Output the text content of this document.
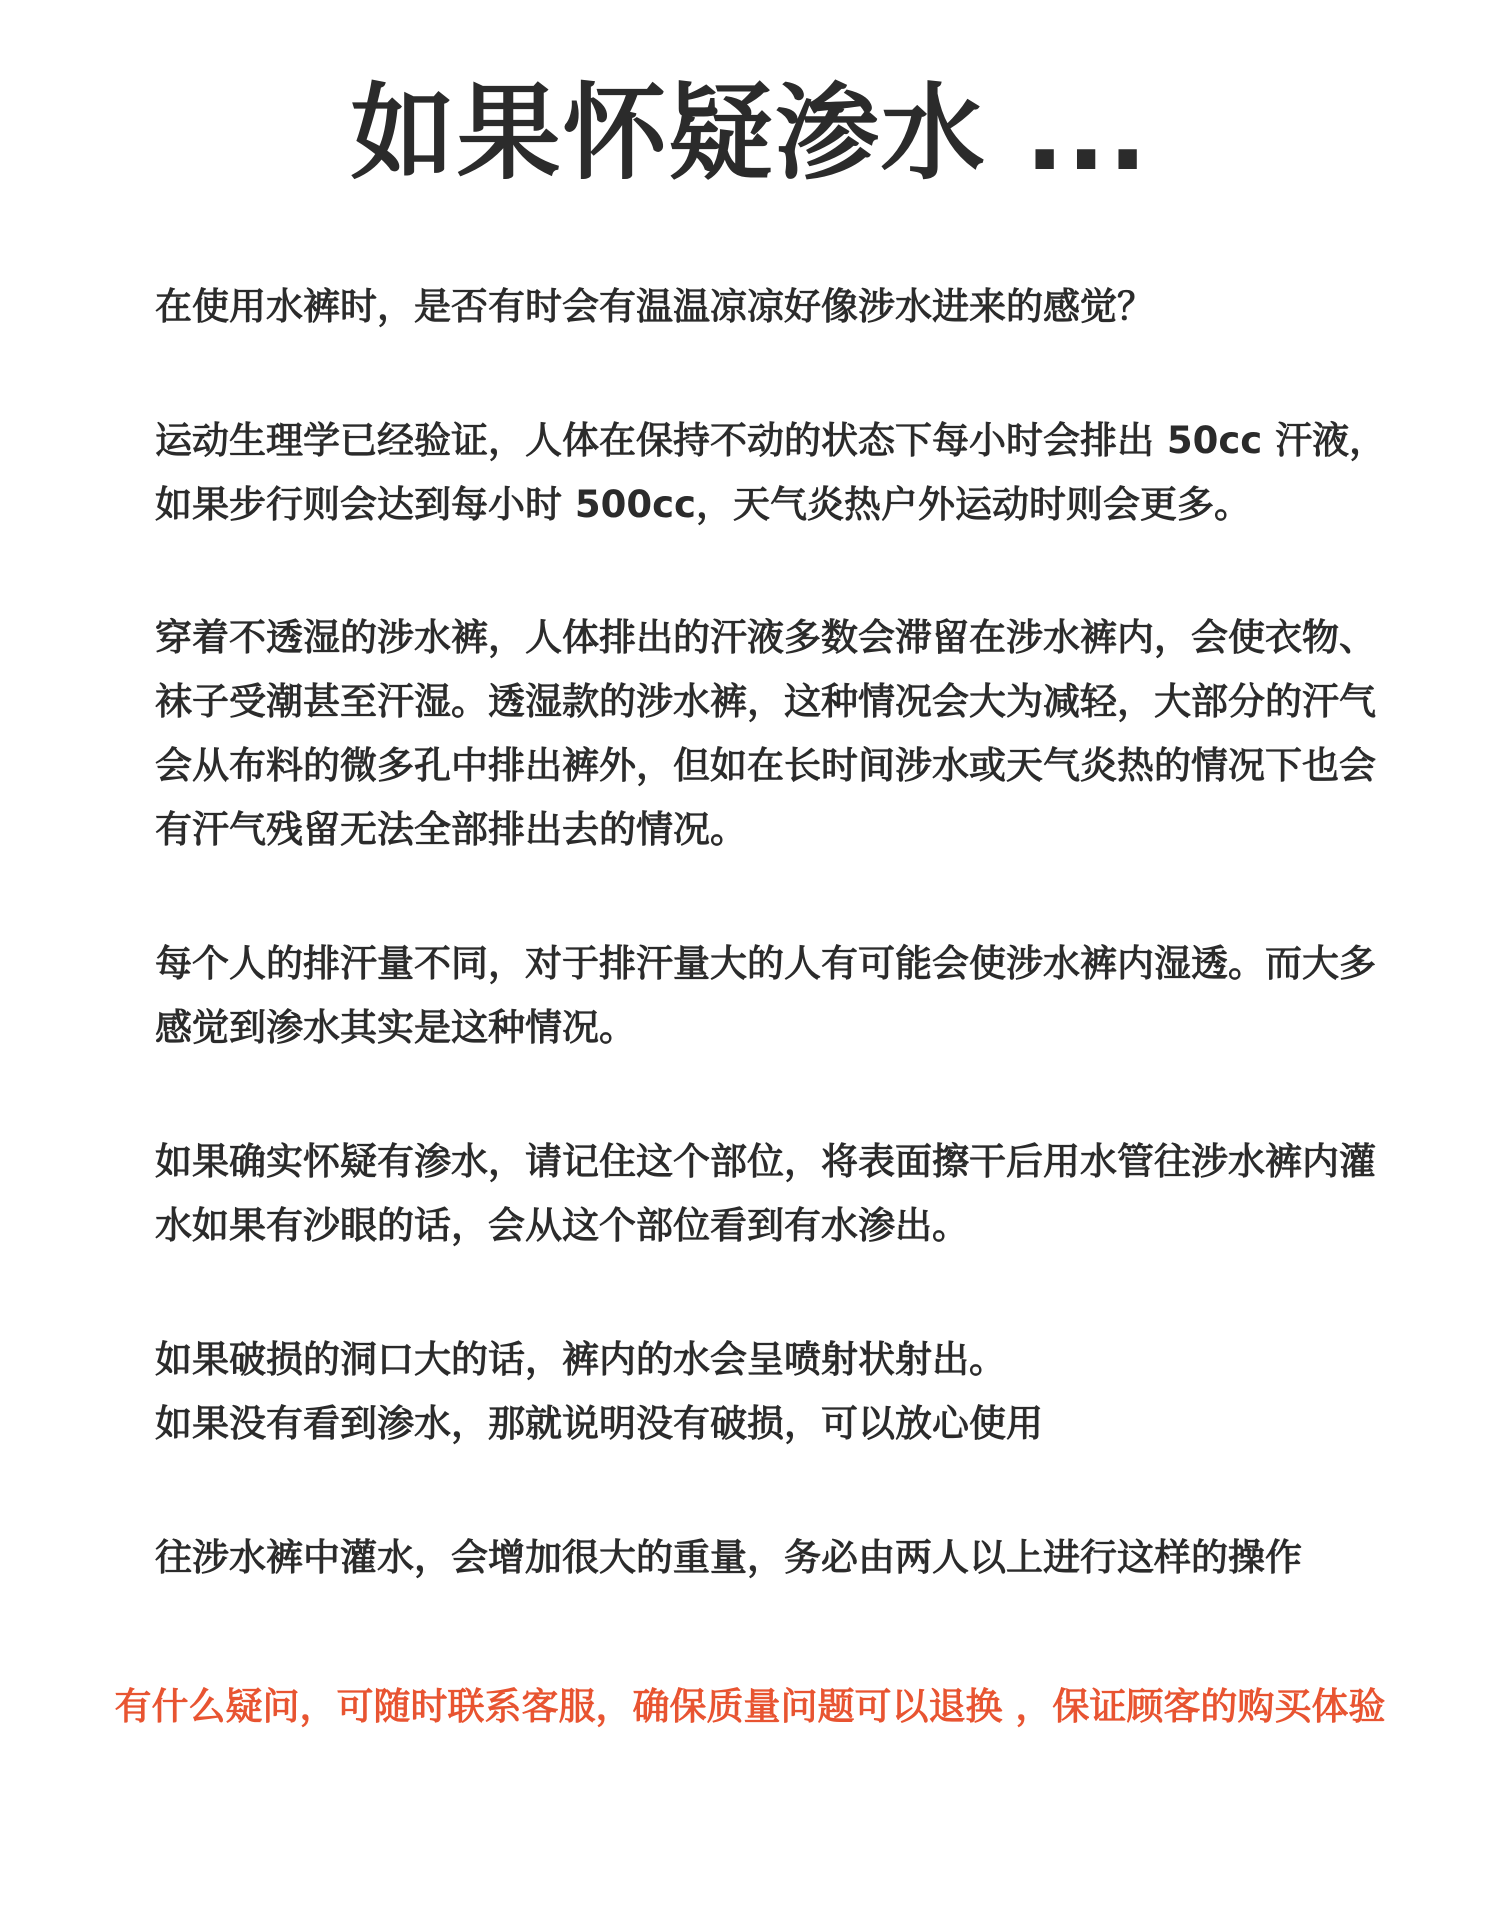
如果怀疑渗水 ...

在使用水裤时，是否有时会有温温凉凉好像涉水进来的感觉？

运动生理学已经验证，人体在保持不动的状态下每小时会排出 50cc 汗液，
如果步行则会达到每小时 500cc，天气炎热户外运动时则会更多。

穿着不透湿的涉水裤，人体排出的汗液多数会滞留在涉水裤内，会使衣物、
袜子受潮甚至汗湿。透湿款的涉水裤，这种情况会大为减轻，大部分的汗气
会从布料的微多孔中排出裤外，但如在长时间涉水或天气炎热的情况下也会
有汗气残留无法全部排出去的情况。

每个人的排汗量不同，对于排汗量大的人有可能会使涉水裤内湿透。而大多
感觉到渗水其实是这种情况。

如果确实怀疑有渗水，请记住这个部位，将表面擦干后用水管往涉水裤内灌
水如果有沙眼的话，会从这个部位看到有水渗出。

如果破损的洞口大的话，裤内的水会呈喷射状射出。
如果没有看到渗水，那就说明没有破损，可以放心使用

往涉水裤中灌水，会增加很大的重量，务必由两人以上进行这样的操作

有什么疑问，可随时联系客服，确保质量问题可以退换 ，保证顾客的购买体验
